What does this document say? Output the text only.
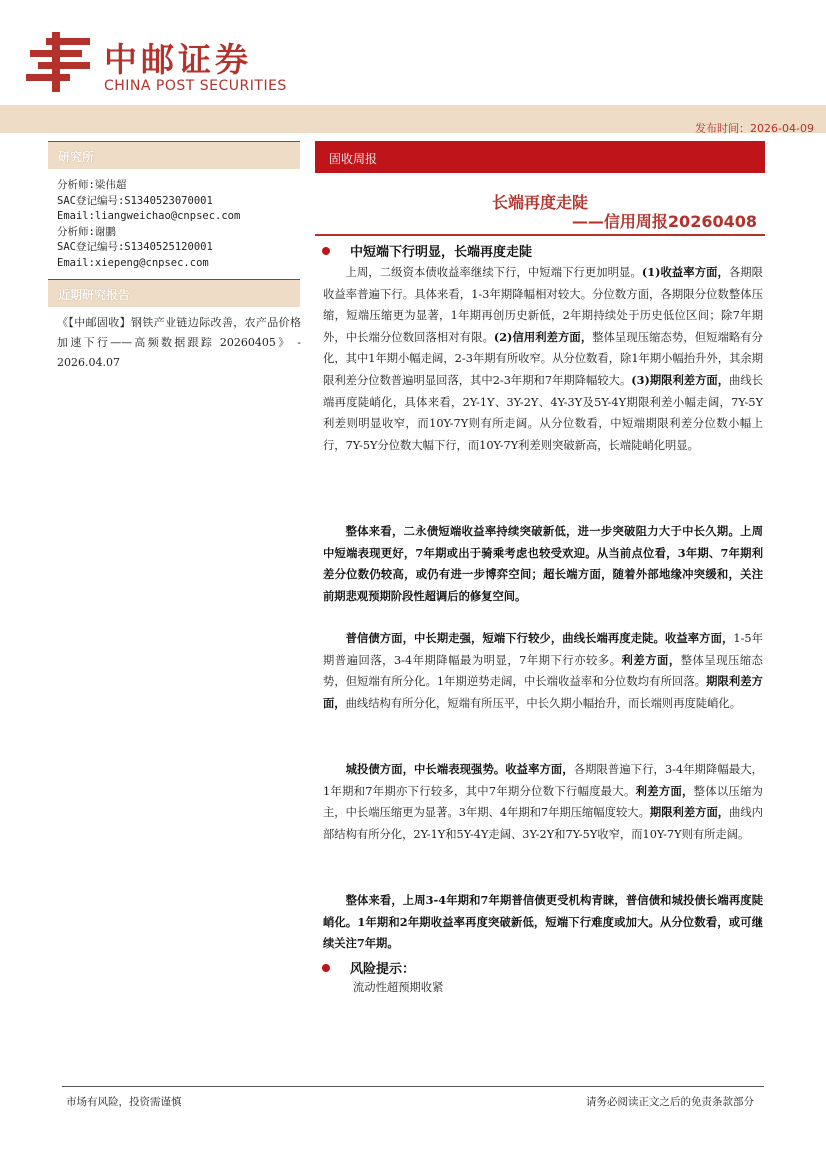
中邮证券
CHINA POST SECURITIES
发布时间：2026-04-09
研究所
分析师:梁伟超
SAC登记编号:S1340523070001
Email:liangweichao@cnpsec.com
分析师:谢鹏
SAC登记编号:S1340525120001
Email:xiepeng@cnpsec.com
近期研究报告
《【中邮固收】钢铁产业链边际改善，农产品价格加速下行——高频数据跟踪 20260405》 - 2026.04.07
固收周报
长端再度走陡
——信用周报20260408
中短端下行明显，长端再度走陡

上周，二级资本债收益率继续下行，中短端下行更加明显。(1)收益率方面，各期限收益率普遍下行。具体来看，1-3年期降幅相对较大。分位数方面，各期限分位数整体压缩，短端压缩更为显著，1年期再创历史新低，2年期持续处于历史低位区间；除7年期外，中长端分位数回落相对有限。(2)信用利差方面，整体呈现压缩态势，但短端略有分化，其中1年期小幅走阔，2-3年期有所收窄。从分位数看，除1年期小幅抬升外，其余期限利差分位数普遍明显回落，其中2-3年期和7年期降幅较大。(3)期限利差方面，曲线长端再度陡峭化，具体来看，2Y-1Y、3Y-2Y、4Y-3Y及5Y-4Y期限利差小幅走阔，7Y-5Y利差则明显收窄，而10Y-7Y则有所走阔。从分位数看，中短端期限利差分位数小幅上行，7Y-5Y分位数大幅下行，而10Y-7Y利差则突破新高，长端陡峭化明显。

整体来看，二永债短端收益率持续突破新低，进一步突破阻力大于中长久期。上周中短端表现更好，7年期或出于骑乘考虑也较受欢迎。从当前点位看，3年期、7年期利差分位数仍较高，或仍有进一步博弈空间；超长端方面，随着外部地缘冲突缓和，关注前期悲观预期阶段性超调后的修复空间。

普信债方面，中长期走强，短端下行较少，曲线长端再度走陡。收益率方面，1-5年期普遍回落，3-4年期降幅最为明显，7年期下行亦较多。利差方面，整体呈现压缩态势，但短端有所分化。1年期逆势走阔，中长端收益率和分位数均有所回落。期限利差方面，曲线结构有所分化，短端有所压平，中长久期小幅抬升，而长端则再度陡峭化。

城投债方面，中长端表现强势。收益率方面，各期限普遍下行，3-4年期降幅最大，1年期和7年期亦下行较多，其中7年期分位数下行幅度最大。利差方面，整体以压缩为主，中长端压缩更为显著。3年期、4年期和7年期压缩幅度较大。期限利差方面，曲线内部结构有所分化，2Y-1Y和5Y-4Y走阔、3Y-2Y和7Y-5Y收窄，而10Y-7Y则有所走阔。

整体来看，上周3-4年期和7年期普信债更受机构青睐，普信债和城投债长端再度陡峭化。1年期和2年期收益率再度突破新低，短端下行难度或加大。从分位数看，或可继续关注7年期。

风险提示：
流动性超预期收紧
市场有风险，投资需谨慎	请务必阅读正文之后的免责条款部分
